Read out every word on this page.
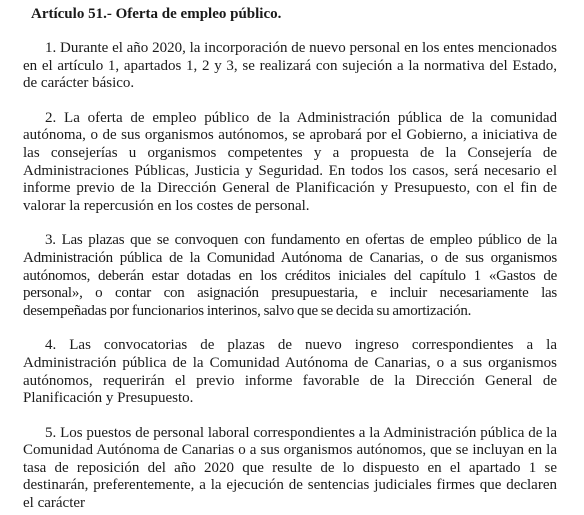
Artículo 51.- Oferta de empleo público.

1. Durante el año 2020, la incorporación de nuevo personal en los entes mencionados en el artículo 1, apartados 1, 2 y 3, se realizará con sujeción a la normativa del Estado, de carácter básico.

2. La oferta de empleo público de la Administración pública de la comunidad autónoma, o de sus organismos autónomos, se aprobará por el Gobierno, a iniciativa de las consejerías u organismos competentes y a propuesta de la Consejería de Administraciones Públicas, Justicia y Seguridad. En todos los casos, será necesario el informe previo de la Dirección General de Planificación y Presupuesto, con el fin de valorar la repercusión en los costes de personal.

3. Las plazas que se convoquen con fundamento en ofertas de empleo público de la Administración pública de la Comunidad Autónoma de Canarias, o de sus organismos autónomos, deberán estar dotadas en los créditos iniciales del capítulo 1 «Gastos de personal», o contar con asignación presupuestaria, e incluir necesariamente las desempeñadas por funcionarios interinos, salvo que se decida su amortización.

4. Las convocatorias de plazas de nuevo ingreso correspondientes a la Administración pública de la Comunidad Autónoma de Canarias, o a sus organismos autónomos, requerirán el previo informe favorable de la Dirección General de Planificación y Presupuesto.

5. Los puestos de personal laboral correspondientes a la Administración pública de la Comunidad Autónoma de Canarias o a sus organismos autónomos, que se incluyan en la tasa de reposición del año 2020 que resulte de lo dispuesto en el apartado 1 se destinarán, preferentemente, a la ejecución de sentencias judiciales firmes que declaren el carácter
